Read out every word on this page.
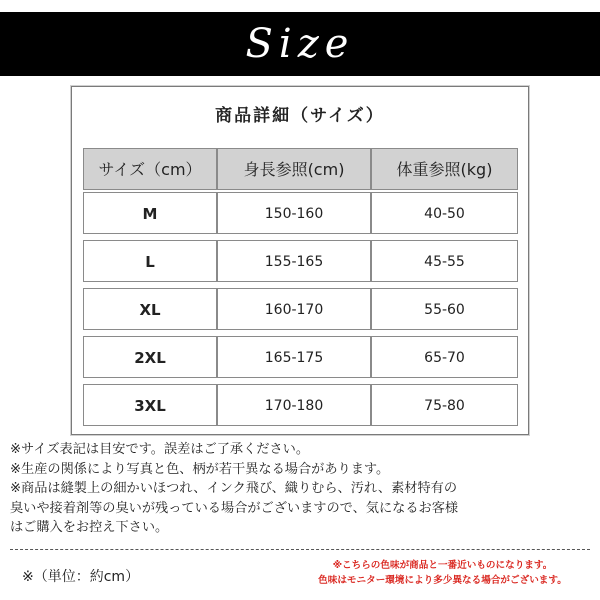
Size
商品詳細（サイズ）
サイズ（cm）	身長参照(cm)	体重参照(kg)
M	150-160	40-50
L	155-165	45-55
XL	160-170	55-60
2XL	165-175	65-70
3XL	170-180	75-80
※サイズ表記は目安です。誤差はご了承ください。
※生産の関係により写真と色、柄が若干異なる場合があります。
※商品は縫製上の細かいほつれ、インク飛び、織りむら、汚れ、素材特有の
臭いや接着剤等の臭いが残っている場合がございますので、気になるお客様
はご購入をお控え下さい。
※（単位：約cm）
※こちらの色味が商品と一番近いものになります。
色味はモニター環境により多少異なる場合がございます。
